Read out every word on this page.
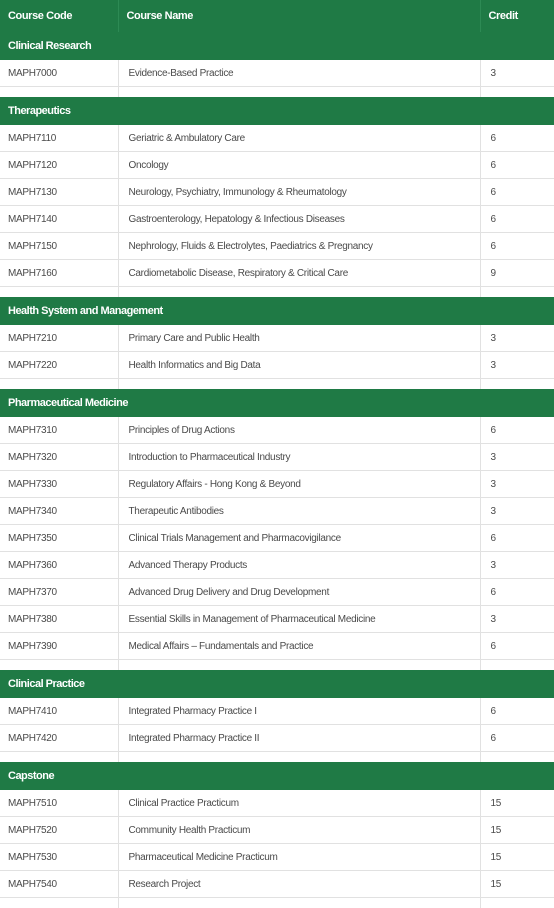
Course Code	Course Name	Credit
Clinical Research		
MAPH7000	Evidence-Based Practice	3

Therapeutics		
MAPH7110	Geriatric & Ambulatory Care	6
MAPH7120	Oncology	6
MAPH7130	Neurology, Psychiatry, Immunology & Rheumatology	6
MAPH7140	Gastroenterology, Hepatology & Infectious Diseases	6
MAPH7150	Nephrology, Fluids & Electrolytes, Paediatrics & Pregnancy	6
MAPH7160	Cardiometabolic Disease, Respiratory & Critical Care	9

Health System and Management		
MAPH7210	Primary Care and Public Health	3
MAPH7220	Health Informatics and Big Data	3

Pharmaceutical Medicine		
MAPH7310	Principles of Drug Actions	6
MAPH7320	Introduction to Pharmaceutical Industry	3
MAPH7330	Regulatory Affairs - Hong Kong & Beyond	3
MAPH7340	Therapeutic Antibodies	3
MAPH7350	Clinical Trials Management and Pharmacovigilance	6
MAPH7360	Advanced Therapy Products	3
MAPH7370	Advanced Drug Delivery and Drug Development	6
MAPH7380	Essential Skills in Management of Pharmaceutical Medicine	3
MAPH7390	Medical Affairs – Fundamentals and Practice	6

Clinical Practice		
MAPH7410	Integrated Pharmacy Practice I	6
MAPH7420	Integrated Pharmacy Practice II	6

Capstone		
MAPH7510	Clinical Practice Practicum	15
MAPH7520	Community Health Practicum	15
MAPH7530	Pharmaceutical Medicine Practicum	15
MAPH7540	Research Project	15
